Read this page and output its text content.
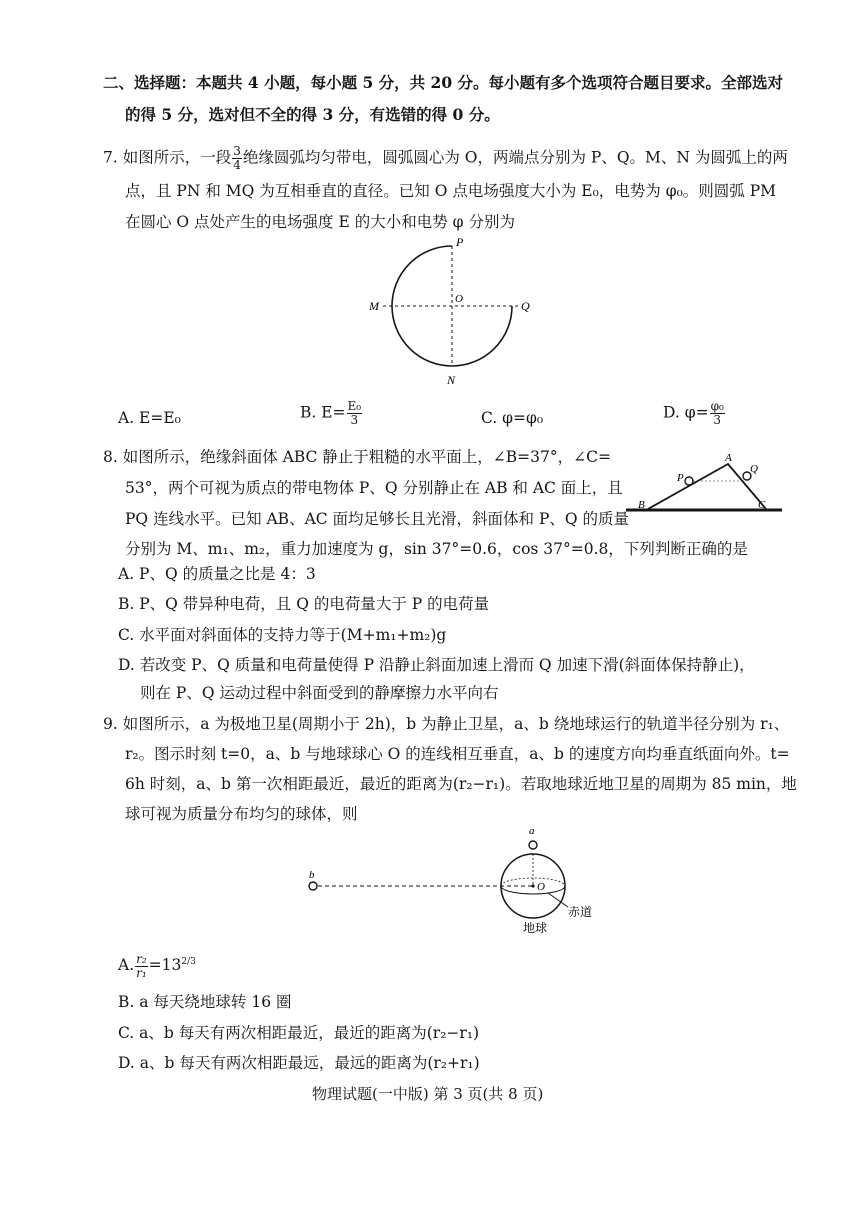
二、选择题：本题共 4 小题，每小题 5 分，共 20 分。每小题有多个选项符合题目要求。全部选对
的得 5 分，选对但不全的得 3 分，有选错的得 0 分。
7. 如图所示，一段 $\frac{3}{4}$ 绝缘圆弧均匀带电，圆弧圆心为 O，两端点分别为 P、Q。M、N 为圆弧上的两
点，且 PN 和 MQ 为互相垂直的直径。已知 O 点电场强度大小为 E₀，电势为 φ₀。则圆弧 PM
在圆心 O 点处产生的电场强度 E 的大小和电势 φ 分别为
P
Q
M
N
O
A. E=E₀	B. $E= \frac{\text{E₀}}{3}$	C. φ=φ₀	D. $\varphi= \frac{\text{φ₀}}{3}$
8. 如图所示，绝缘斜面体 ABC 静止于粗糙的水平面上，∠B=37°，∠C=
53°，两个可视为质点的带电物体 P、Q 分别静止在 AB 和 AC 面上，且
PQ 连线水平。已知 AB、AC 面均足够长且光滑，斜面体和 P、Q 的质量
分别为 M、m₁、m₂，重力加速度为 g，sin 37°=0.6，cos 37°=0.8，下列判断正确的是
A
B	C
P
Q
A. P、Q 的质量之比是 4：3
B. P、Q 带异种电荷，且 Q 的电荷量大于 P 的电荷量
C. 水平面对斜面体的支持力等于(M+m₁+m₂)g
D. 若改变 P、Q 质量和电荷量使得 P 沿静止斜面加速上滑而 Q 加速下滑(斜面体保持静止)，
则在 P、Q 运动过程中斜面受到的静摩擦力水平向右
9. 如图所示，a 为极地卫星(周期小于 2h)，b 为静止卫星，a、b 绕地球运行的轨道半径分别为 r₁、
r₂。图示时刻 t=0，a、b 与地球球心 O 的连线相互垂直，a、b 的速度方向均垂直纸面向外。t=
6h 时刻，a、b 第一次相距最近，最近的距离为(r₂−r₁)。若取地球近地卫星的周期为 85 min，地
球可视为质量分布均匀的球体，则
a
b
O
赤道
地球
A. $\frac{\text{r₂}}{\text{r₁}} =13^{2/3}$
B. a 每天绕地球转 16 圈
C. a、b 每天有两次相距最近，最近的距离为(r₂−r₁)
D. a、b 每天有两次相距最远，最远的距离为(r₂+r₁)
物理试题(一中版) 第 3 页(共 8 页)
